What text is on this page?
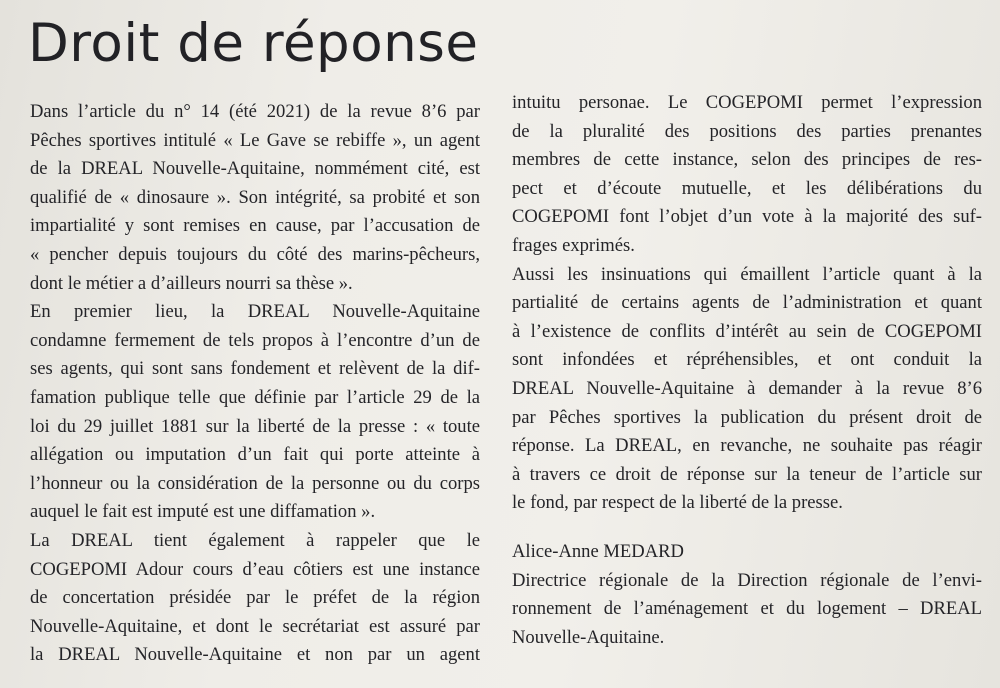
Droit de réponse
Dans l’article du n° 14 (été 2021) de la revue 8’6 par
Pêches sportives intitulé « Le Gave se rebiffe », un agent
de la DREAL Nouvelle-Aquitaine, nommément cité, est
qualifié de « dinosaure ». Son intégrité, sa probité et son
impartialité y sont remises en cause, par l’accusation de
« pencher depuis toujours du côté des marins-pêcheurs,
dont le métier a d’ailleurs nourri sa thèse ».
En premier lieu, la DREAL Nouvelle-Aquitaine
condamne fermement de tels propos à l’encontre d’un de
ses agents, qui sont sans fondement et relèvent de la dif-
famation publique telle que définie par l’article 29 de la
loi du 29 juillet 1881 sur la liberté de la presse : « toute
allégation ou imputation d’un fait qui porte atteinte à
l’honneur ou la considération de la personne ou du corps
auquel le fait est imputé est une diffamation ».
La DREAL tient également à rappeler que le
COGEPOMI Adour cours d’eau côtiers est une instance
de concertation présidée par le préfet de la région
Nouvelle-Aquitaine, et dont le secrétariat est assuré par
la DREAL Nouvelle-Aquitaine et non par un agent
intuitu personae. Le COGEPOMI permet l’expression
de la pluralité des positions des parties prenantes
membres de cette instance, selon des principes de res-
pect et d’écoute mutuelle, et les délibérations du
COGEPOMI font l’objet d’un vote à la majorité des suf-
frages exprimés.
Aussi les insinuations qui émaillent l’article quant à la
partialité de certains agents de l’administration et quant
à l’existence de conflits d’intérêt au sein de COGEPOMI
sont infondées et répréhensibles, et ont conduit la
DREAL Nouvelle-Aquitaine à demander à la revue 8’6
par Pêches sportives la publication du présent droit de
réponse. La DREAL, en revanche, ne souhaite pas réagir
à travers ce droit de réponse sur la teneur de l’article sur
le fond, par respect de la liberté de la presse.
Alice-Anne MEDARD
Directrice régionale de la Direction régionale de l’envi-
ronnement de l’aménagement et du logement – DREAL
Nouvelle-Aquitaine.
